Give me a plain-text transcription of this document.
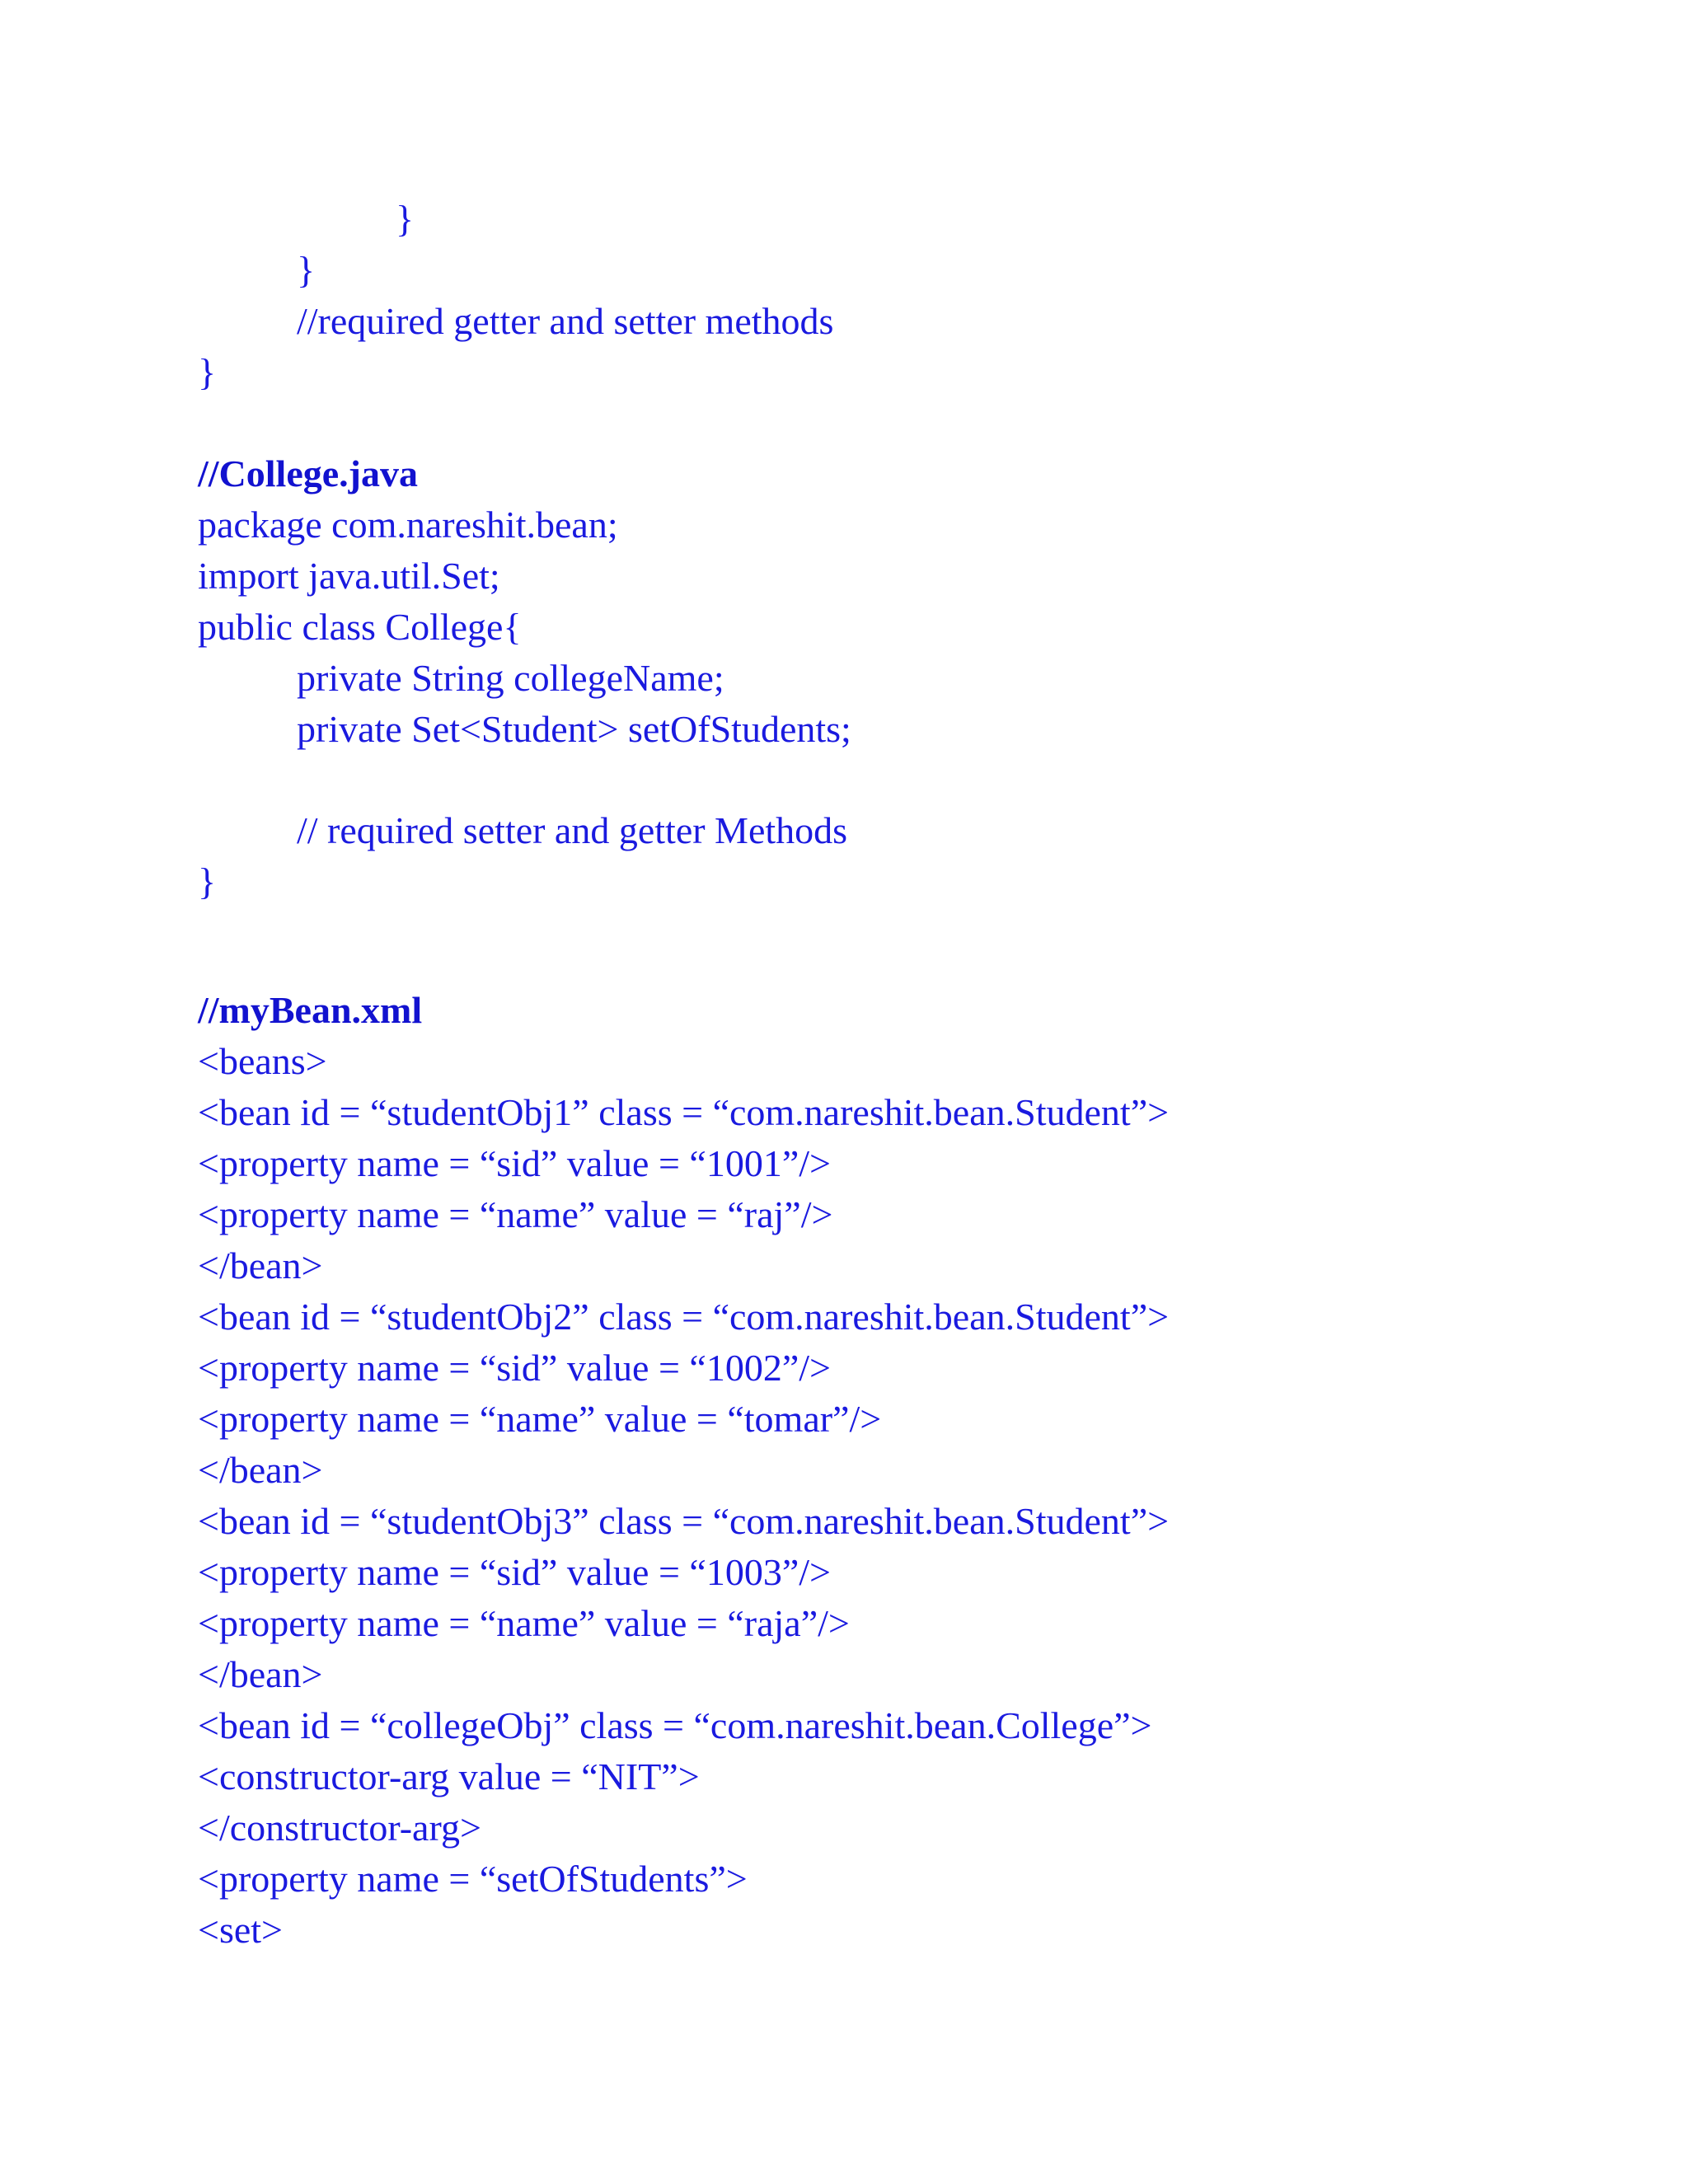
}
}
//required getter and setter methods
}
//College.java
package com.nareshit.bean;
import java.util.Set;
public class College{
private String collegeName;
private Set<Student> setOfStudents;
// required setter and getter Methods
}
//myBean.xml
<beans>
<bean id = “studentObj1” class = “com.nareshit.bean.Student”>
<property name = “sid” value = “1001”/>
<property name = “name” value = “raj”/>
</bean>
<bean id = “studentObj2” class = “com.nareshit.bean.Student”>
<property name = “sid” value = “1002”/>
<property name = “name” value = “tomar”/>
</bean>
<bean id = “studentObj3” class = “com.nareshit.bean.Student”>
<property name = “sid” value = “1003”/>
<property name = “name” value = “raja”/>
</bean>
<bean id = “collegeObj” class = “com.nareshit.bean.College”>
<constructor-arg value = “NIT”>
</constructor-arg>
<property name = “setOfStudents”>
<set>
